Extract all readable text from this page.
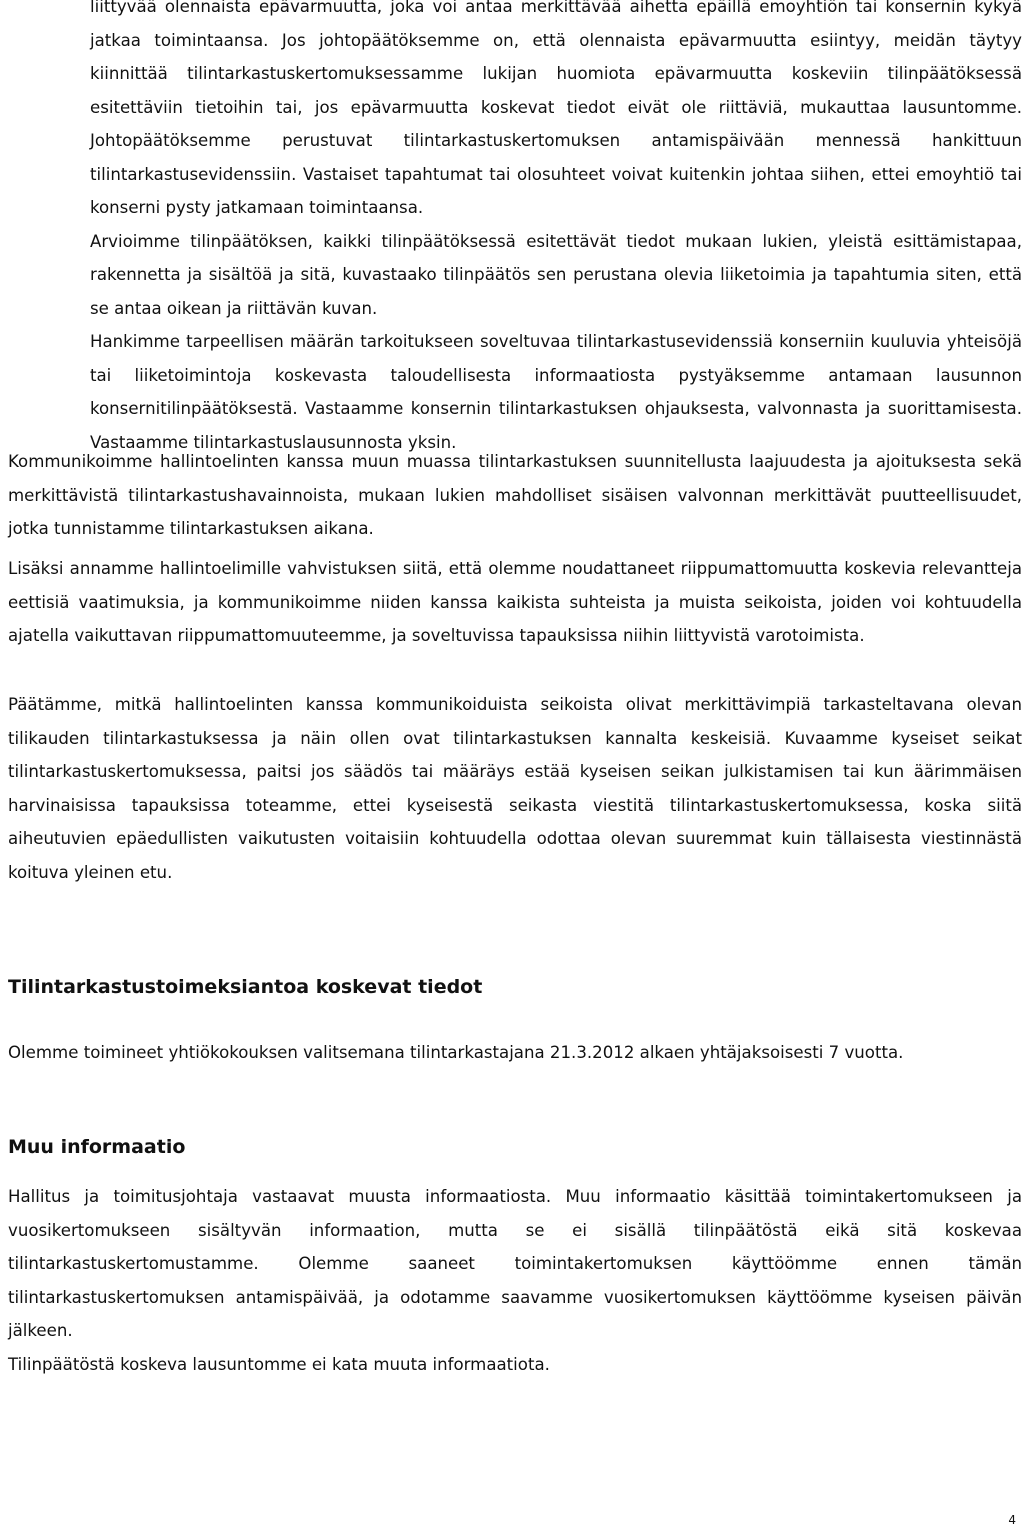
liittyvää olennaista epävarmuutta, joka voi antaa merkittävää aihetta epäillä emoyhtiön tai konsernin kykyä jatkaa toimintaansa. Jos johtopäätöksemme on, että olennaista epävarmuutta esiintyy, meidän täytyy kiinnittää tilintarkastuskertomuksessamme lukijan huomiota epävarmuutta koskeviin tilinpäätöksessä esitettäviin tietoihin tai, jos epävarmuutta koskevat tiedot eivät ole riittäviä, mukauttaa lausuntomme. Johtopäätöksemme perustuvat tilintarkastuskertomuksen antamispäivään mennessä hankittuun tilintarkastusevidenssiin. Vastaiset tapahtumat tai olosuhteet voivat kuitenkin johtaa siihen, ettei emoyhtiö tai konserni pysty jatkamaan toimintaansa.

Arvioimme tilinpäätöksen, kaikki tilinpäätöksessä esitettävät tiedot mukaan lukien, yleistä esittämistapaa, rakennetta ja sisältöä ja sitä, kuvastaako tilinpäätös sen perustana olevia liiketoimia ja tapahtumia siten, että se antaa oikean ja riittävän kuvan.

Hankimme tarpeellisen määrän tarkoitukseen soveltuvaa tilintarkastusevidenssiä konserniin kuuluvia yhteisöjä tai liiketoimintoja koskevasta taloudellisesta informaatiosta pystyäksemme antamaan lausunnon konsernitilinpäätöksestä. Vastaamme konsernin tilintarkastuksen ohjauksesta, valvonnasta ja suorittamisesta. Vastaamme tilintarkastuslausunnosta yksin.

Kommunikoimme hallintoelinten kanssa muun muassa tilintarkastuksen suunnitellusta laajuudesta ja ajoituksesta sekä merkittävistä tilintarkastushavainnoista, mukaan lukien mahdolliset sisäisen valvonnan merkittävät puutteellisuudet, jotka tunnistamme tilintarkastuksen aikana.

Lisäksi annamme hallintoelimille vahvistuksen siitä, että olemme noudattaneet riippumattomuutta koskevia relevantteja eettisiä vaatimuksia, ja kommunikoimme niiden kanssa kaikista suhteista ja muista seikoista, joiden voi kohtuudella ajatella vaikuttavan riippumattomuuteemme, ja soveltuvissa tapauksissa niihin liittyvistä varotoimista.

Päätämme, mitkä hallintoelinten kanssa kommunikoiduista seikoista olivat merkittävimpiä tarkasteltavana olevan tilikauden tilintarkastuksessa ja näin ollen ovat tilintarkastuksen kannalta keskeisiä. Kuvaamme kyseiset seikat tilintarkastuskertomuksessa, paitsi jos säädös tai määräys estää kyseisen seikan julkistamisen tai kun äärimmäisen harvinaisissa tapauksissa toteamme, ettei kyseisestä seikasta viestitä tilintarkastuskertomuksessa, koska siitä aiheutuvien epäedullisten vaikutusten voitaisiin kohtuudella odottaa olevan suuremmat kuin tällaisesta viestinnästä koituva yleinen etu.

Tilintarkastustoimeksiantoa koskevat tiedot

Olemme toimineet yhtiökokouksen valitsemana tilintarkastajana 21.3.2012 alkaen yhtäjaksoisesti 7 vuotta.

Muu informaatio

Hallitus ja toimitusjohtaja vastaavat muusta informaatiosta. Muu informaatio käsittää toimintakertomukseen ja vuosikertomukseen sisältyvän informaation, mutta se ei sisällä tilinpäätöstä eikä sitä koskevaa tilintarkastuskertomustamme. Olemme saaneet toimintakertomuksen käyttöömme ennen tämän tilintarkastuskertomuksen antamispäivää, ja odotamme saavamme vuosikertomuksen käyttöömme kyseisen päivän jälkeen.

Tilinpäätöstä koskeva lausuntomme ei kata muuta informaatiota.

4
